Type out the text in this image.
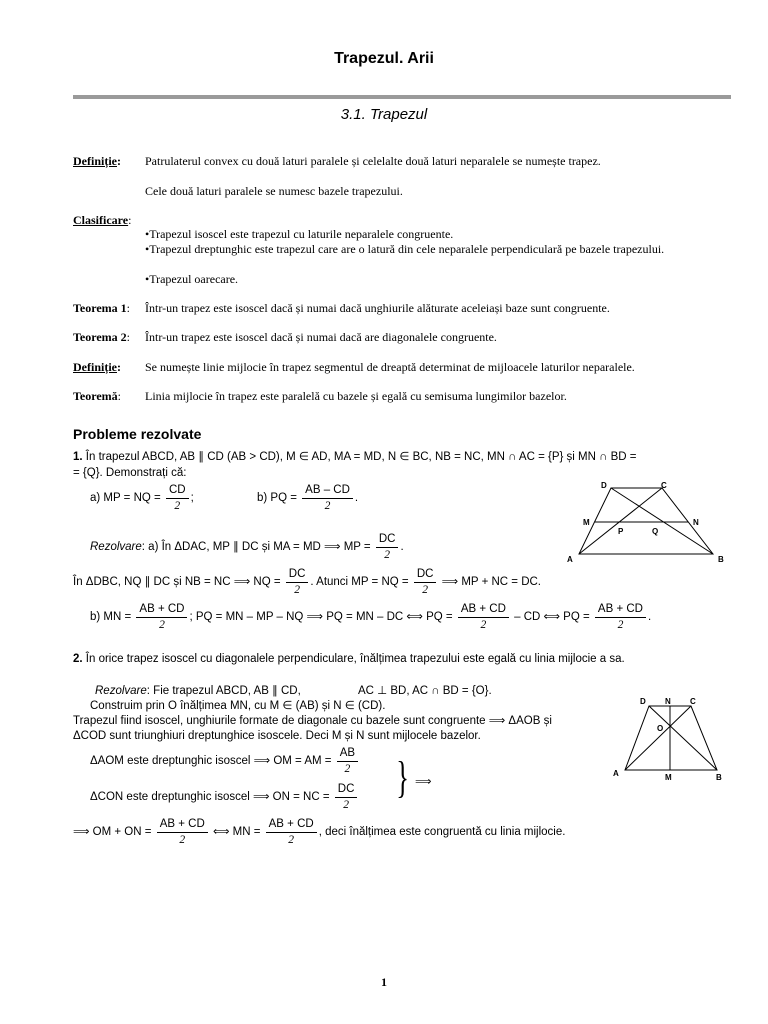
Trapezul. Arii
3.1. Trapezul
Definiție: Patrulaterul convex cu două laturi paralele și celelalte două laturi neparalele se numește trapez.
Cele două laturi paralele se numesc bazele trapezului.
Clasificare:
•Trapezul isoscel este trapezul cu laturile neparalele congruente.
•Trapezul dreptunghic este trapezul care are o latură din cele neparalele perpendiculară pe bazele trapezului.
•Trapezul oarecare.
Teorema 1: Într-un trapez este isoscel dacă și numai dacă unghiurile alăturate aceleiași baze sunt congruente.
Teorema 2: Într-un trapez este isoscel dacă și numai dacă are diagonalele congruente.
Definiție: Se numește linie mijlocie în trapez segmentul de dreaptă determinat de mijloacele laturilor neparalele.
Teoremă: Linia mijlocie în trapez este paralelă cu bazele și egală cu semisuma lungimilor bazelor.
Probleme rezolvate
1. În trapezul ABCD, AB ∥ CD (AB > CD), M ∈ AD, MA = MD, N ∈ BC, NB = NC, MN ∩ AC = {P} și MN ∩ BD =
= {Q}. Demonstrați că:
a) MP = NQ = $\frac{CD}{2}$ ;	b) PQ = $\frac{AB - CD}{2}$ .
Rezolvare: a) În ΔDAC, MP ∥ DC și MA = MD ⟹ MP = $\frac{DC}{2}$ .
În ΔDBC, NQ ∥ DC și NB = NC ⟹ NQ = $\frac{DC}{2}$ . Atunci MP = NQ = $\frac{DC}{2}$ ⟹ MP + NC = DC.
b) MN = $\frac{AB + CD}{2}$ ; PQ = MN – MP – NQ ⟹ PQ = MN – DC ⟺ PQ = $\frac{AB + CD}{2}$ – CD ⟺ PQ = $\frac{AB + CD}{2}$ .
D	C
M	N
P	Q
A	B
2. În orice trapez isoscel cu diagonalele perpendiculare, înălțimea trapezului este egală cu linia mijlocie a sa.
Rezolvare: Fie trapezul ABCD, AB ∥ CD,	AC ⊥ BD, AC ∩ BD = {O}.
Construim prin O înălțimea MN, cu M ∈ (AB) și N ∈ (CD).
Trapezul fiind isoscel, unghiurile formate de diagonale cu bazele sunt congruente ⟹ ΔAOB și
ΔCOD sunt triunghiuri dreptunghice isoscele. Deci M și N sunt mijlocele bazelor.
ΔAOM este dreptunghic isoscel ⟹ OM = AM = $\frac{AB}{2}$
ΔCON este dreptunghic isoscel ⟹ ON = NC = $\frac{DC}{2}$ } ⟹
⟹ OM + ON = $\frac{AB + CD}{2}$ ⟺ MN = $\frac{AB + CD}{2}$ , deci înălțimea este congruentă cu linia mijlocie.
D N C
O
A	M	B
1
